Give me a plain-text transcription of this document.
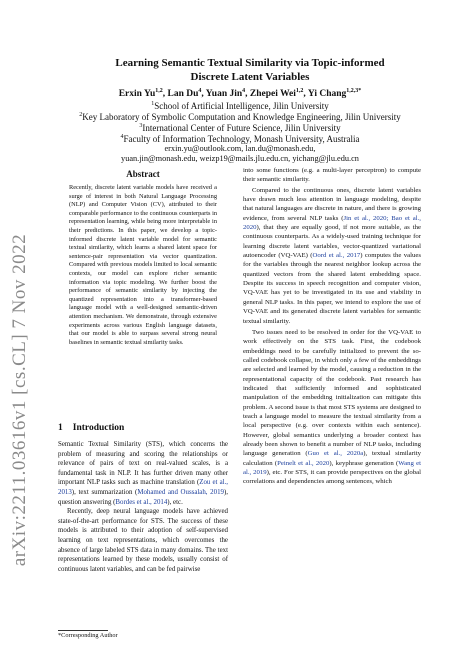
arXiv:2211.03616v1 [cs.CL] 7 Nov 2022
Learning Semantic Textual Similarity via Topic-informed
Discrete Latent Variables
Erxin Yu$^{1,2}$, Lan Du$^4$, Yuan Jin$^4$, Zhepei Wei$^{1,2}$, Yi Chang$^{1,2,3*}$
$^1$School of Artificial Intelligence, Jilin University
$^2$Key Laboratory of Symbolic Computation and Knowledge Engineering, Jilin University
$^3$International Center of Future Science, Jilin University
$^4$Faculty of Information Technology, Monash University, Australia
erxin.yu@outlook.com, lan.du@monash.edu,
yuan.jin@monash.edu, weizp19@mails.jlu.edu.cn, yichang@jlu.edu.cn
Abstract
Recently, discrete latent variable models have received a surge of interest in both Natural Language Processing (NLP) and Computer Vision (CV), attributed to their comparable performance to the continuous counterparts in representation learning, while being more interpretable in their predictions. In this paper, we develop a topic-informed discrete latent variable model for semantic textual similarity, which learns a shared latent space for sentence-pair representation via vector quantization. Compared with previous models limited to local semantic contexts, our model can explore richer semantic information via topic modeling. We further boost the performance of semantic similarity by injecting the quantized representation into a transformer-based language model with a well-designed semantic-driven attention mechanism. We demonstrate, through extensive experiments across various English language datasets, that our model is able to surpass several strong neural baselines in semantic textual similarity tasks.
1 Introduction

Semantic Textual Similarity (STS), which concerns the problem of measuring and scoring the relationships or relevance of pairs of text on real-valued scales, is a fundamental task in NLP. It has further driven many other important NLP tasks such as machine translation (Zou et al., 2013), text summarization (Mohamed and Oussalah, 2019), question answering (Bordes et al., 2014), etc.

Recently, deep neural language models have achieved state-of-the-art performance for STS. The success of these models is attributed to their adoption of self-supervised learning on text representations, which overcomes the absence of large labeled STS data in many domains. The text representations learned by these models, usually consist of continuous latent variables, and can be fed pairwise

*Corresponding Author

into some functions (e.g. a multi-layer perceptron) to compute their semantic similarity.

Compared to the continuous ones, discrete latent variables have drawn much less attention in language modeling, despite that natural languages are discrete in nature, and there is growing evidence, from several NLP tasks (Jin et al., 2020; Bao et al., 2020), that they are equally good, if not more suitable, as the continuous counterparts. As a widely-used training technique for learning discrete latent variables, vector-quantized variational autoencoder (VQ-VAE) (Oord et al., 2017) computes the values for the variables through the nearest neighbor lookup across the quantized vectors from the shared latent embedding space. Despite its success in speech recognition and computer vision, VQ-VAE has yet to be investigated in its use and viability in general NLP tasks. In this paper, we intend to explore the use of VQ-VAE and its generated discrete latent variables for semantic textual similarity.

Two issues need to be resolved in order for the VQ-VAE to work effectively on the STS task. First, the codebook embeddings need to be carefully initialized to prevent the so-called codebook collapse, in which only a few of the embeddings are selected and learned by the model, causing a reduction in the representational capacity of the codebook. Past research has indicated that sufficiently informed and sophisticated manipulation of the embedding initialization can mitigate this problem. A second issue is that most STS systems are designed to teach a language model to measure the textual similarity from a local perspective (e.g. over contexts within each sentence). However, global semantics underlying a broader context has already been shown to benefit a number of NLP tasks, including language generation (Guo et al., 2020a), textual similarity calculation (Peinelt et al., 2020), keyphrase generation (Wang et al., 2019), etc. For STS, it can provide perspectives on the global correlations and dependencies among sentences, which
